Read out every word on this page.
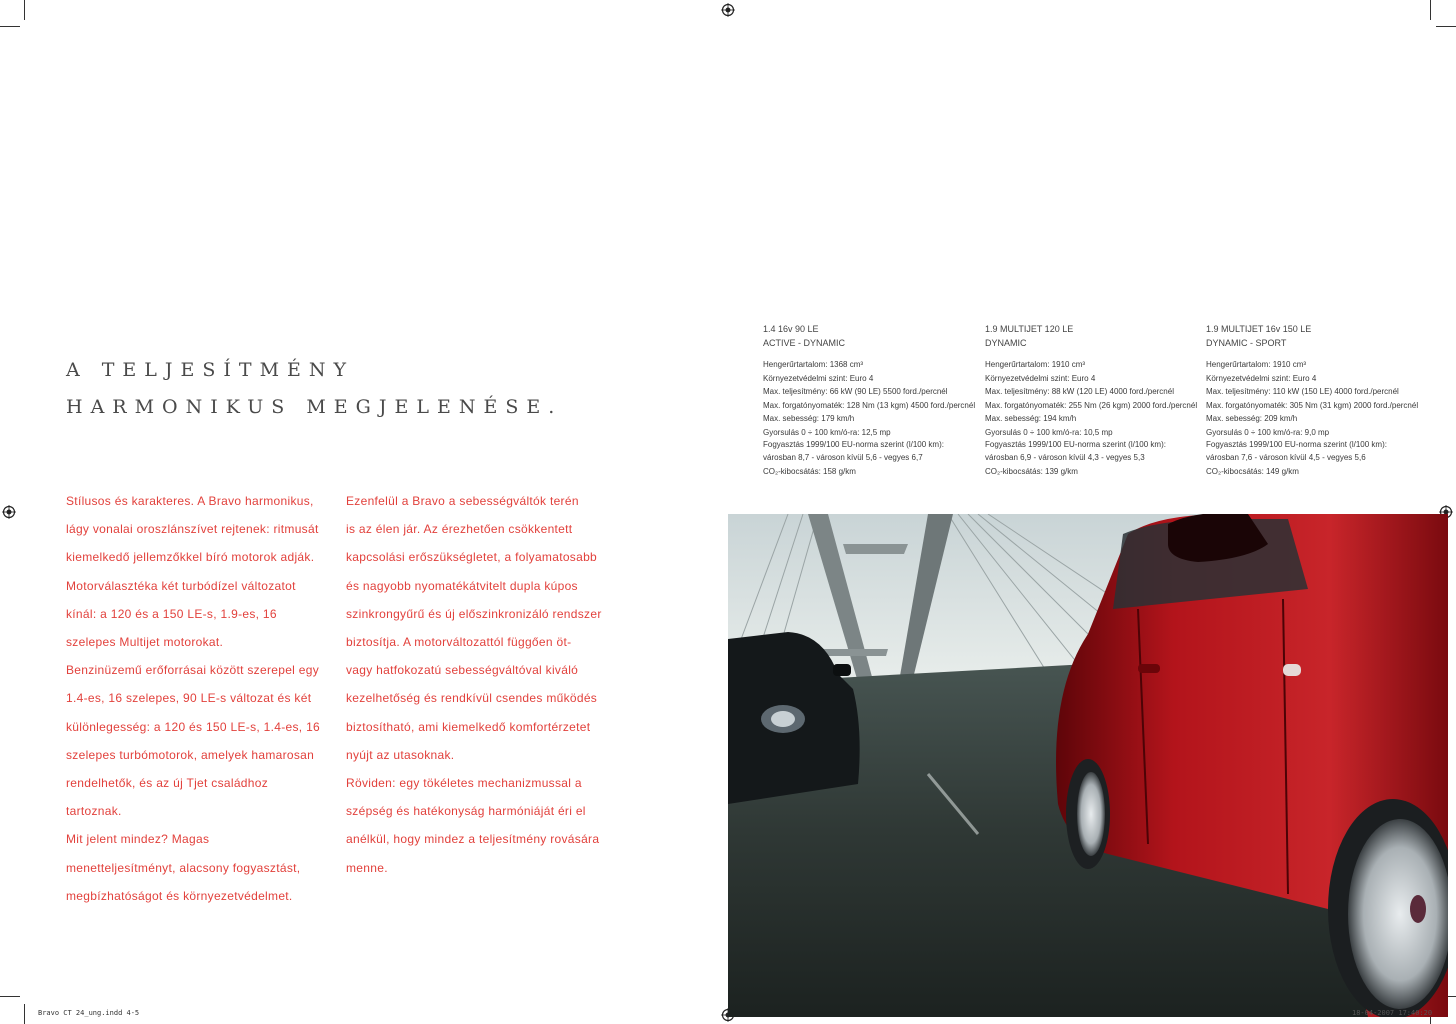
A TELJESÍTMÉNY
HARMONIKUS MEGJELENÉSE.

Stílusos és karakteres. A Bravo harmonikus,

lágy vonalai oroszlánszívet rejtenek: ritmusát

kiemelkedő jellemzőkkel bíró motorok adják.

Motorválasztéka két turbódízel változatot

kínál: a 120 és a 150 LE-s, 1.9-es, 16

szelepes Multijet motorokat.

Benzinüzemű erőforrásai között szerepel egy

1.4-es, 16 szelepes, 90 LE-s változat és két

különlegesség: a 120 és 150 LE-s, 1.4-es, 16

szelepes turbómotorok, amelyek hamarosan

rendelhetők, és az új Tjet családhoz

tartoznak.

Mit jelent mindez? Magas

menetteljesítményt, alacsony fogyasztást,

megbízhatóságot és környezetvédelmet.

Ezenfelül a Bravo a sebességváltók terén

is az élen jár. Az érezhetően csökkentett

kapcsolási erőszükségletet, a folyamatosabb

és nagyobb nyomatékátvitelt dupla kúpos

szinkrongyűrű és új előszinkronizáló rendszer

biztosítja. A motorváltozattól függően öt-

vagy hatfokozatú sebességváltóval kiváló

kezelhetőség és rendkívül csendes működés

biztosítható, ami kiemelkedő komfortérzetet

nyújt az utasoknak.

Röviden: egy tökéletes mechanizmussal a

szépség és hatékonyság harmóniáját éri el

anélkül, hogy mindez a teljesítmény rovására

menne.

1.4 16v 90 LE
ACTIVE - DYNAMIC
Hengerűrtartalom: 1368 cm³
Környezetvédelmi szint: Euro 4
Max. teljesítmény: 66 kW (90 LE) 5500 ford./percnél
Max. forgatónyomaték: 128 Nm (13 kgm) 4500 ford./percnél
Max. sebesség: 179 km/h
Gyorsulás 0 ÷ 100 km/ó-ra: 12,5 mp
Fogyasztás 1999/100 EU-norma szerint (l/100 km):
városban 8,7 - városon kívül 5,6 - vegyes 6,7
CO₂-kibocsátás: 158 g/km
1.9 MULTIJET 120 LE
DYNAMIC
Hengerűrtartalom: 1910 cm³
Környezetvédelmi szint: Euro 4
Max. teljesítmény: 88 kW (120 LE) 4000 ford./percnél
Max. forgatónyomaték: 255 Nm (26 kgm) 2000 ford./percnél
Max. sebesség: 194 km/h
Gyorsulás 0 ÷ 100 km/ó-ra: 10,5 mp
Fogyasztás 1999/100 EU-norma szerint (l/100 km):
városban 6,9 - városon kívül 4,3 - vegyes 5,3
CO₂-kibocsátás: 139 g/km
1.9 MULTIJET 16v 150 LE
DYNAMIC - SPORT
Hengerűrtartalom: 1910 cm³
Környezetvédelmi szint: Euro 4
Max. teljesítmény: 110 kW (150 LE) 4000 ford./percnél
Max. forgatónyomaték: 305 Nm (31 kgm) 2000 ford./percnél
Max. sebesség: 209 km/h
Gyorsulás 0 ÷ 100 km/ó-ra: 9,0 mp
Fogyasztás 1999/100 EU-norma szerint (l/100 km):
városban 7,6 - városon kívül 4,5 - vegyes 5,6
CO₂-kibocsátás: 149 g/km
Bravo CT 24_ung.indd 4-5	18-04-2007 17:40:20
